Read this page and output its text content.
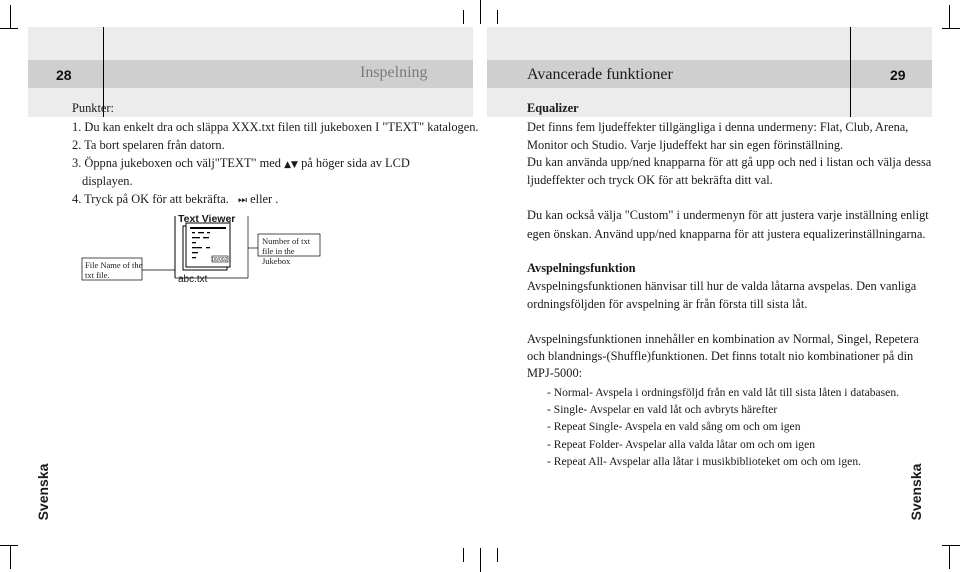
28	Inspelning	Avancerade funktioner	29
Punkter:
1. Du kan enkelt dra och släppa XXX.txt filen till jukeboxen I "TEXT" katalogen.
2. Ta bort spelaren från datorn.
3. Öppna jukeboxen och välj"TEXT" med ▲▼ på höger sida av LCD
displayen.
4. Tryck på OK för att bekräfta. ⏭ eller .
Text Viewer
00/002
abc.txt
Number of txt file in the Jukebox
File Name of the txt file.
Equalizer
Det finns fem ljudeffekter tillgängliga i denna undermeny: Flat, Club, Arena,
Monitor och Studio. Varje ljudeffekt har sin egen förinställning.
Du kan använda upp/ned knapparna för att gå upp och ned i listan och välja dessa
ljudeffekter och tryck OK för att bekräfta ditt val.
Du kan också välja "Custom" i undermenyn för att justera varje inställning enligt
egen önskan. Använd upp/ned knapparna för att justera equalizerinställningarna.
Avspelningsfunktion
Avspelningsfunktionen hänvisar till hur de valda låtarna avspelas. Den vanliga
ordningsföljden för avspelning är från första till sista låt.
Avspelningsfunktionen innehåller en kombination av Normal, Singel, Repetera
och blandnings-(Shuffle)funktionen. Det finns totalt nio kombinationer på din
MPJ-5000:
- Normal- Avspela i ordningsföljd från en vald låt till sista låten i databasen.
- Single- Avspelar en vald låt och avbryts härefter
- Repeat Single- Avspela en vald sång om och om igen
- Repeat Folder- Avspelar alla valda låtar om och om igen
- Repeat All- Avspelar alla låtar i musikbiblioteket om och om igen.
Svenska	Svenska
